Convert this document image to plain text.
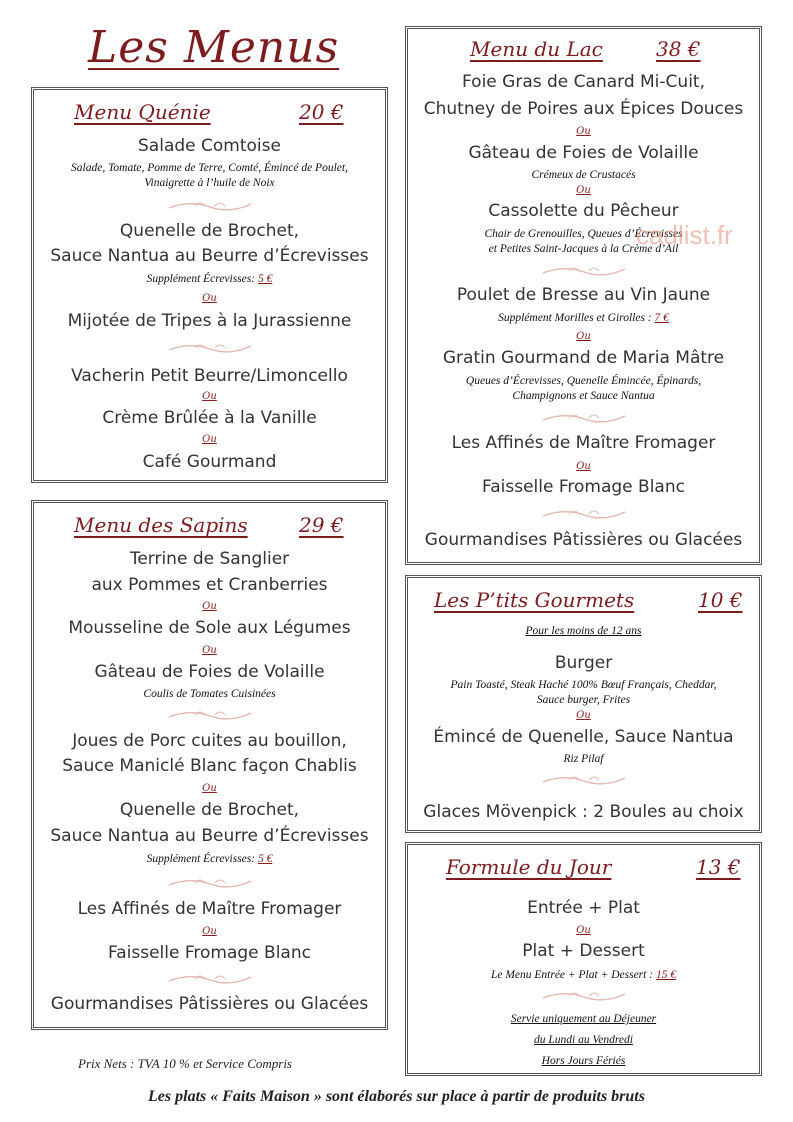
Les Menus
Menu Quénie	20 €
Salade Comtoise
Salade, Tomate, Pomme de Terre, Comté, Émincé de Poulet,
Vinaigrette à l’huile de Noix
Quenelle de Brochet,
Sauce Nantua au Beurre d’Écrevisses
Supplément Écrevisses: 5 €
Ou
Mijotée de Tripes à la Jurassienne
Vacherin Petit Beurre/Limoncello
Ou
Crème Brûlée à la Vanille
Ou
Café Gourmand
Menu des Sapins	29 €
Terrine de Sanglier
aux Pommes et Cranberries
Ou
Mousseline de Sole aux Légumes
Ou
Gâteau de Foies de Volaille
Coulis de Tomates Cuisinées
Joues de Porc cuites au bouillon,
Sauce Maniclé Blanc façon Chablis
Ou
Quenelle de Brochet,
Sauce Nantua au Beurre d’Écrevisses
Supplément Écrevisses: 5 €
Les Affinés de Maître Fromager
Ou
Faisselle Fromage Blanc
Gourmandises Pâtissières ou Glacées
Menu du Lac	38 €
Foie Gras de Canard Mi-Cuit,
Chutney de Poires aux Épices Douces
Ou
Gâteau de Foies de Volaille
Crémeux de Crustacés
Ou
Cassolette du Pêcheur
Chair de Grenouilles, Queues d’Écrevisses
et Petites Saint-Jacques à la Crème d’Ail
Poulet de Bresse au Vin Jaune
Supplément Morilles et Girolles : 7 €
Ou
Gratin Gourmand de Maria Mâtre
Queues d’Écrevisses, Quenelle Émincée, Épinards,
Champignons et Sauce Nantua
Les Affinés de Maître Fromager
Ou
Faisselle Fromage Blanc
Gourmandises Pâtissières ou Glacées
cadlist.fr
Les P’tits Gourmets	10 €
Pour les moins de 12 ans
Burger
Pain Toasté, Steak Haché 100% Bœuf Français, Cheddar,
Sauce burger, Frites
Ou
Émincé de Quenelle, Sauce Nantua
Riz Pilaf
Glaces Mövenpick : 2 Boules au choix
Formule du Jour	13 €
Entrée + Plat
Ou
Plat + Dessert
Le Menu Entrée + Plat + Dessert : 15 €
Servie uniquement au Déjeuner
du Lundi au Vendredi
Hors Jours Fériés
Prix Nets : TVA 10 % et Service Compris
Les plats « Faits Maison » sont élaborés sur place à partir de produits bruts
